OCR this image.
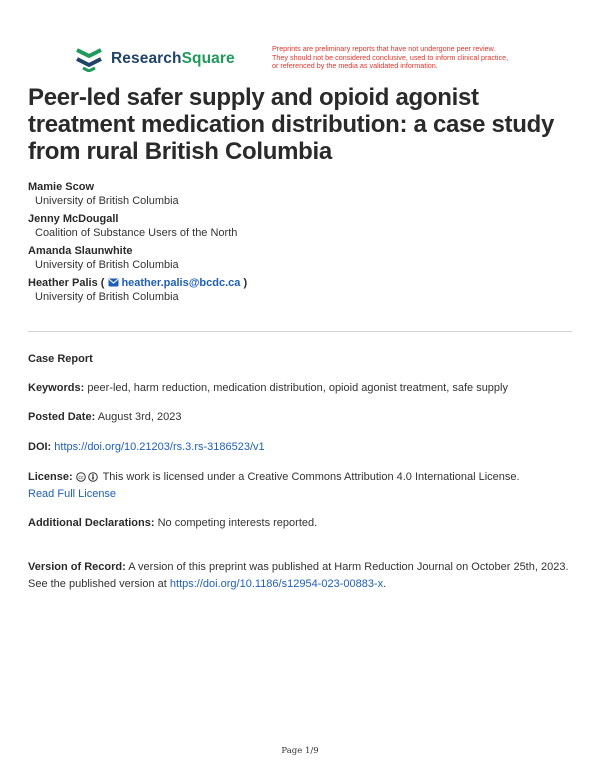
ResearchSquare
Preprints are preliminary reports that have not undergone peer review.
They should not be considered conclusive, used to inform clinical practice,
or referenced by the media as validated information.
Peer-led safer supply and opioid agonist treatment medication distribution: a case study from rural British Columbia
Mamie Scow
University of British Columbia
Jenny McDougall
Coalition of Substance Users of the North
Amanda Slaunwhite
University of British Columbia
Heather Palis ( heather.palis@bcdc.ca )
University of British Columbia
Case Report
Keywords: peer-led, harm reduction, medication distribution, opioid agonist treatment, safe supply
Posted Date: August 3rd, 2023
DOI: https://doi.org/10.21203/rs.3.rs-3186523/v1
License: cc This work is licensed under a Creative Commons Attribution 4.0 International License.
Read Full License
Additional Declarations: No competing interests reported.
Version of Record: A version of this preprint was published at Harm Reduction Journal on October 25th, 2023. See the published version at https://doi.org/10.1186/s12954-023-00883-x.
Page 1/9
